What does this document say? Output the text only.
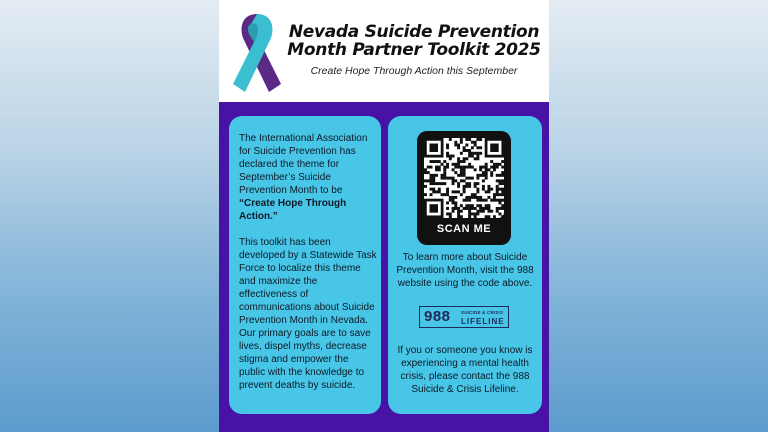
Nevada Suicide Prevention
Month Partner Toolkit 2025
Create Hope Through Action this September

The International Association for Suicide Prevention has declared the theme for September’s Suicide Prevention Month to be “Create Hope Through Action.”

This toolkit has been developed by a Statewide Task Force to localize this theme and maximize the effectiveness of communications about Suicide Prevention Month in Nevada. Our primary goals are to save lives, dispel myths, decrease stigma and empower the public with the knowledge to prevent deaths by suicide.

SCAN ME

To learn more about Suicide Prevention Month, visit the 988 website using the code above.

988 SUICIDE & CRISIS
LIFELINE

If you or someone you know is experiencing a mental health crisis, please contact the 988 Suicide & Crisis Lifeline.
